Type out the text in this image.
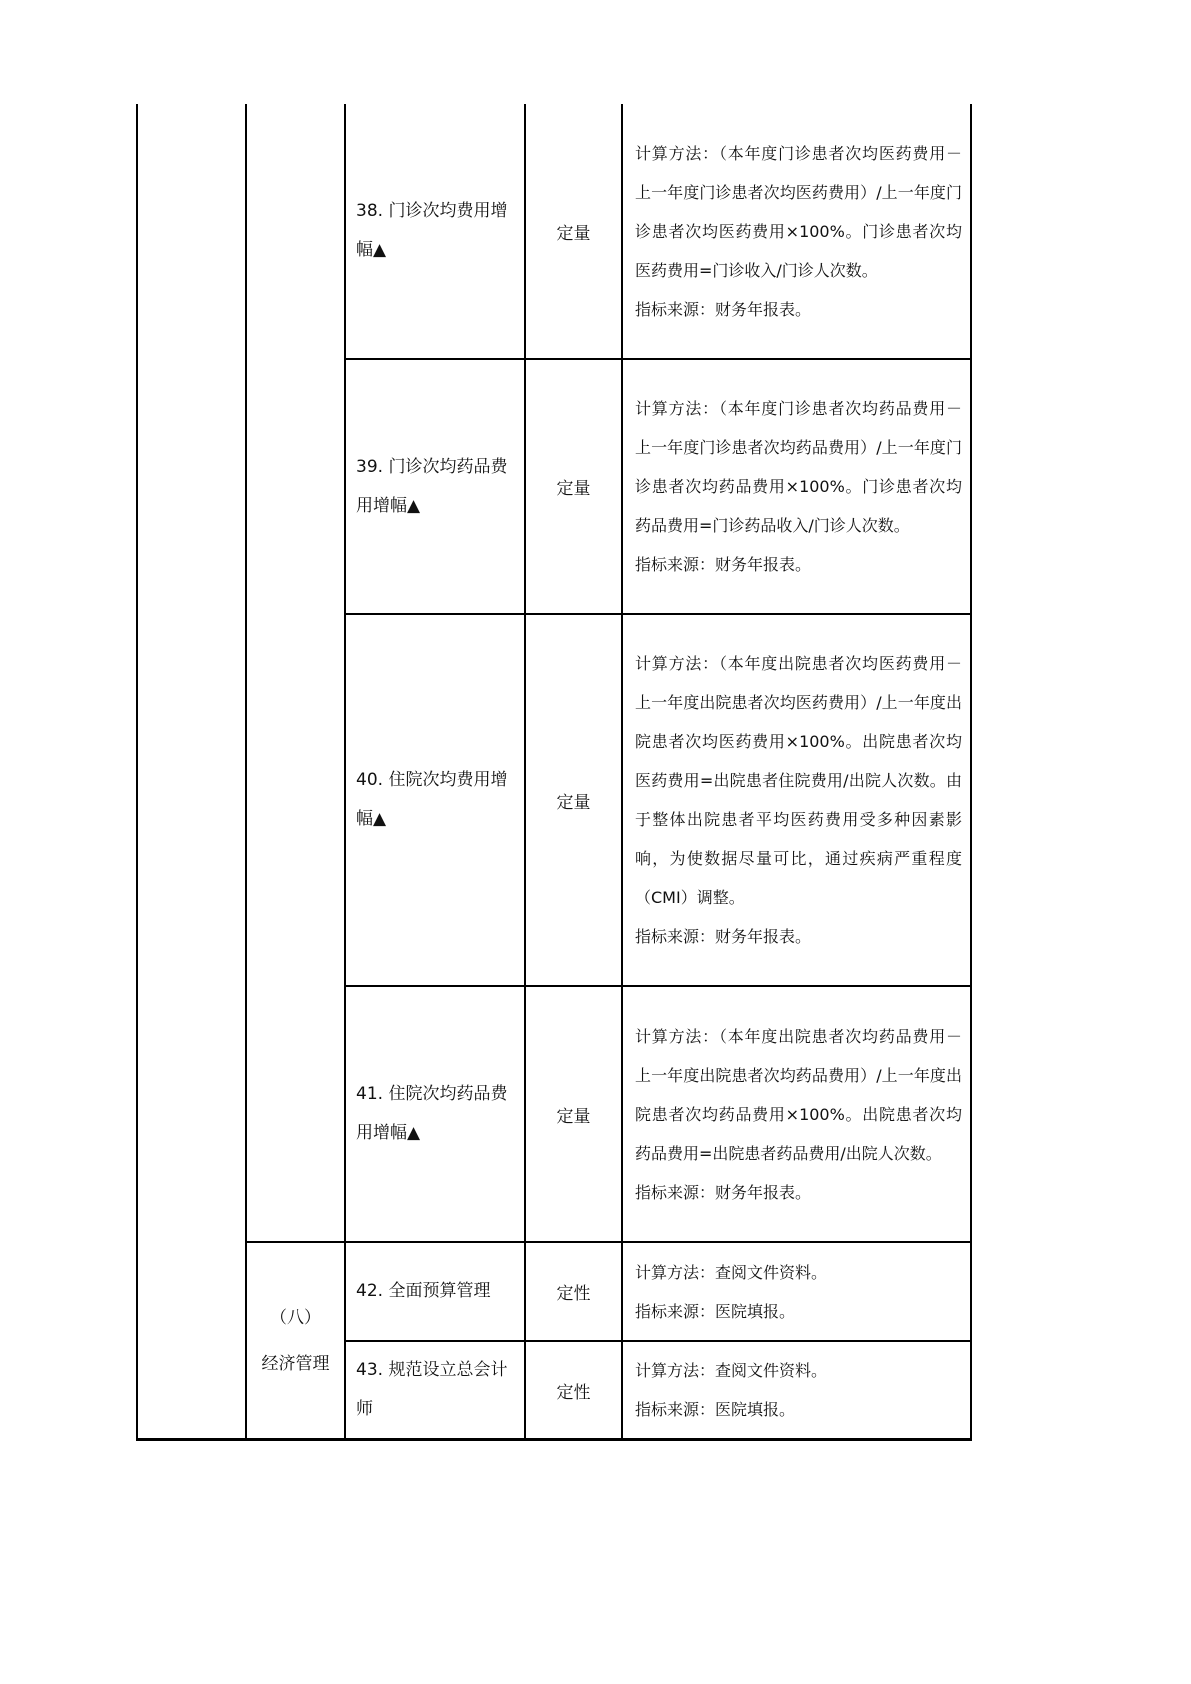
38. 门诊次均费用增幅▲
定量

计算方法：（本年度门诊患者次均医药费用－上一年度门诊患者次均医药费用）/上一年度门诊患者次均医药费用×100%。门诊患者次均医药费用=门诊收入/门诊人次数。

指标来源：财务年报表。

39. 门诊次均药品费用增幅▲
定量

计算方法：（本年度门诊患者次均药品费用－上一年度门诊患者次均药品费用）/上一年度门诊患者次均药品费用×100%。门诊患者次均药品费用=门诊药品收入/门诊人次数。

指标来源：财务年报表。

40. 住院次均费用增幅▲
定量

计算方法：（本年度出院患者次均医药费用－上一年度出院患者次均医药费用）/上一年度出院患者次均医药费用×100%。出院患者次均医药费用=出院患者住院费用/出院人次数。由于整体出院患者平均医药费用受多种因素影响，为使数据尽量可比，通过疾病严重程度（CMI）调整。

指标来源：财务年报表。

41. 住院次均药品费用增幅▲
定量

计算方法：（本年度出院患者次均药品费用－上一年度出院患者次均药品费用）/上一年度出院患者次均药品费用×100%。出院患者次均药品费用=出院患者药品费用/出院人次数。

指标来源：财务年报表。

（八）
经济管理
42. 全面预算管理	定性

计算方法：查阅文件资料。

指标来源：医院填报。

43. 规范设立总会计师
定性

计算方法：查阅文件资料。

指标来源：医院填报。
